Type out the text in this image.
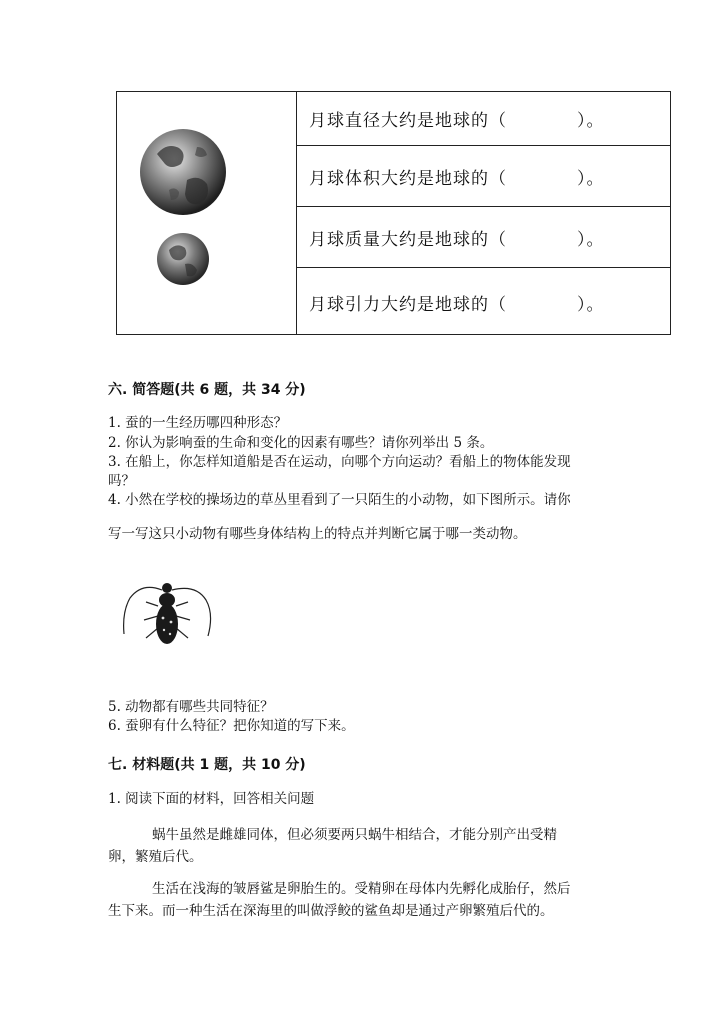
月球直径大约是地球的（	）。
月球体积大约是地球的（	）。
月球质量大约是地球的（	）。
月球引力大约是地球的（	）。
六. 简答题(共 6 题，共 34 分)
1. 蚕的一生经历哪四种形态？
2. 你认为影响蚕的生命和变化的因素有哪些？请你列举出 5 条。
3. 在船上，你怎样知道船是否在运动，向哪个方向运动？看船上的物体能发现
吗？
4. 小然在学校的操场边的草丛里看到了一只陌生的小动物，如下图所示。请你
写一写这只小动物有哪些身体结构上的特点并判断它属于哪一类动物。
5. 动物都有哪些共同特征？
6. 蚕卵有什么特征？把你知道的写下来。
七. 材料题(共 1 题，共 10 分)
1. 阅读下面的材料，回答相关问题
蜗牛虽然是雌雄同体，但必须要两只蜗牛相结合，才能分别产出受精
卵，繁殖后代。
生活在浅海的皱唇鲨是卵胎生的。受精卵在母体内先孵化成胎仔，然后
生下来。而一种生活在深海里的叫做浮鲛的鲨鱼却是通过产卵繁殖后代的。
